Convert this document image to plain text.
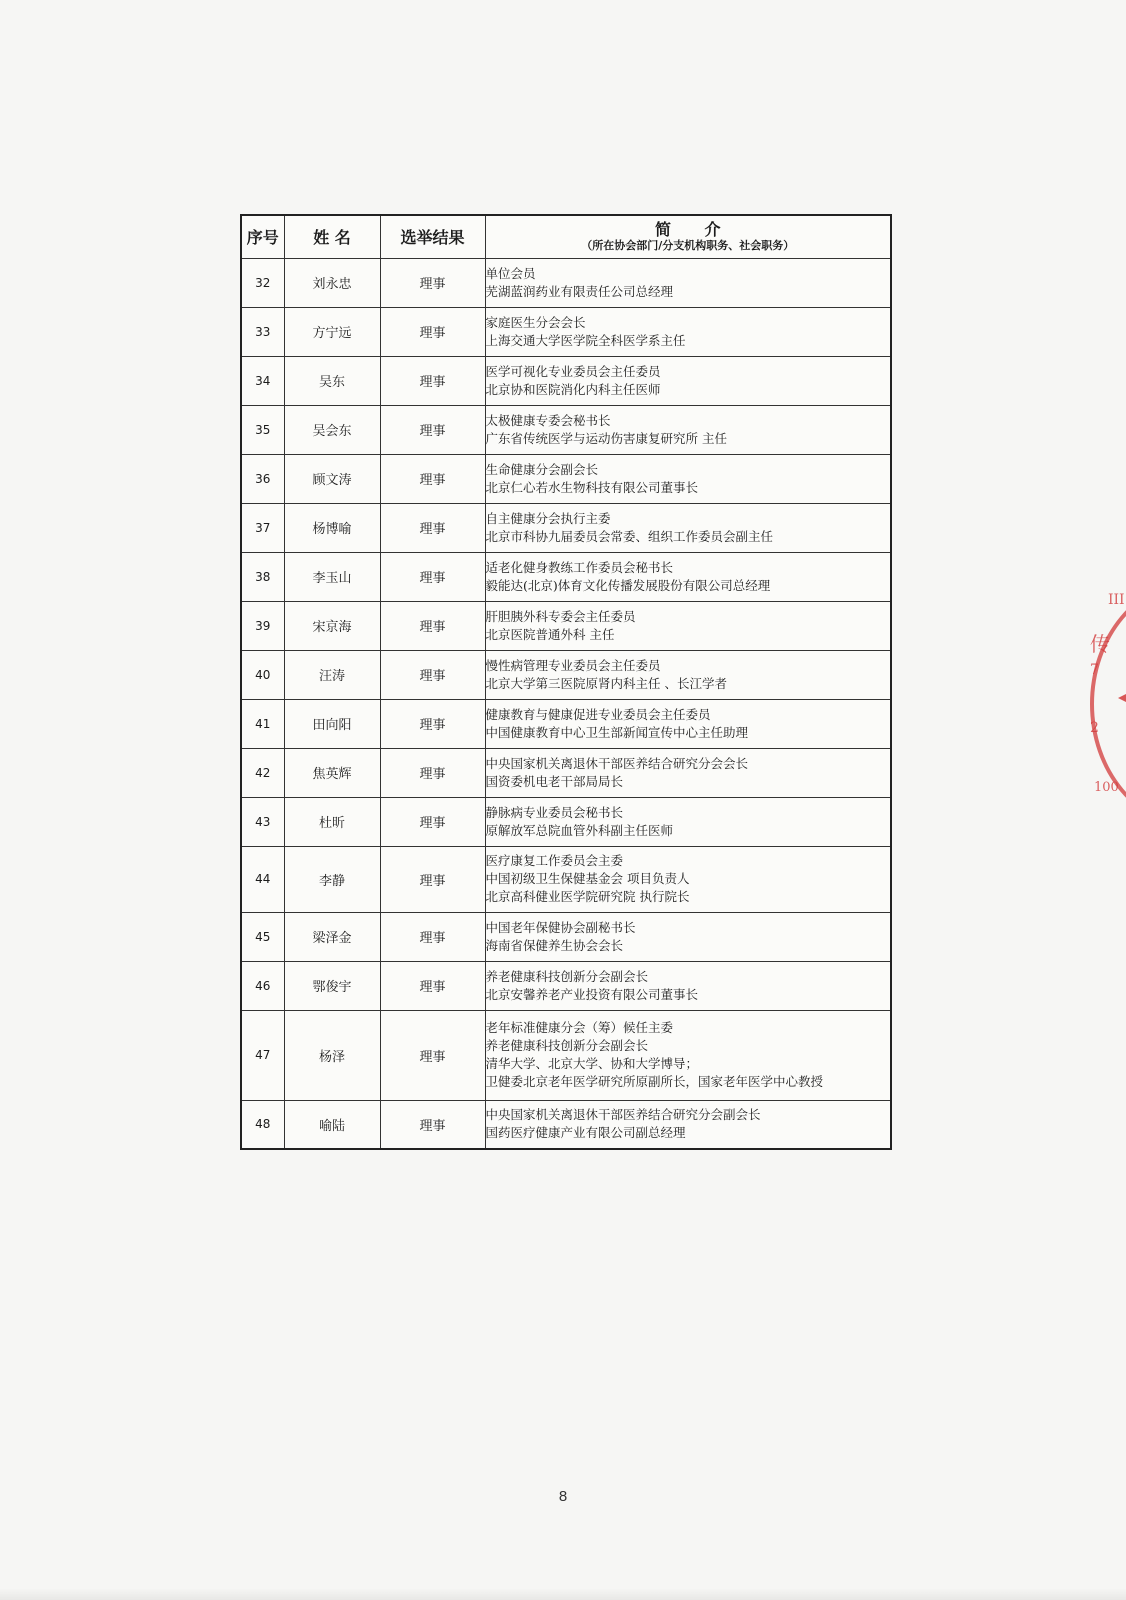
序号	姓 名	选举结果	简 介
（所在协会部门/分支机构职务、社会职务）

32	刘永忠	理事	单位会员
芜湖蓝润药业有限责任公司总经理

33	方宁远	理事	家庭医生分会会长
上海交通大学医学院全科医学系主任

34	吴东	理事	医学可视化专业委员会主任委员
北京协和医院消化内科主任医师

35	吴会东	理事	太极健康专委会秘书长
广东省传统医学与运动伤害康复研究所 主任

36	顾文涛	理事	生命健康分会副会长
北京仁心若水生物科技有限公司董事长

37	杨博喻	理事	自主健康分会执行主委
北京市科协九届委员会常委、组织工作委员会副主任

38	李玉山	理事	适老化健身教练工作委员会秘书长
毅能达(北京)体育文化传播发展股份有限公司总经理

39	宋京海	理事	肝胆胰外科专委会主任委员
北京医院普通外科 主任

40	汪涛	理事	慢性病管理专业委员会主任委员
北京大学第三医院原肾内科主任 、长江学者

41	田向阳	理事	健康教育与健康促进专业委员会主任委员
中国健康教育中心卫生部新闻宣传中心主任助理

42	焦英辉	理事	中央国家机关离退休干部医养结合研究分会会长
国资委机电老干部局局长

43	杜昕	理事	静脉病专业委员会秘书长
原解放军总院血管外科副主任医师

44	李静	理事	医疗康复工作委员会主委
中国初级卫生保健基金会 项目负责人
北京高科健业医学院研究院 执行院长

45	梁泽金	理事	中国老年保健协会副秘书长
海南省保健养生协会会长

46	鄂俊宇	理事	养老健康科技创新分会副会长
北京安馨养老产业投资有限公司董事长

47	杨泽	理事	老年标准健康分会（筹）候任主委
养老健康科技创新分会副会长
清华大学、北京大学、协和大学博导；
卫健委北京老年医学研究所原副所长，国家老年医学中心教授

48	喻陆	理事	中央国家机关离退休干部医养结合研究分会副会长
国药医疗健康产业有限公司副总经理
8
III
传
7
2
100
